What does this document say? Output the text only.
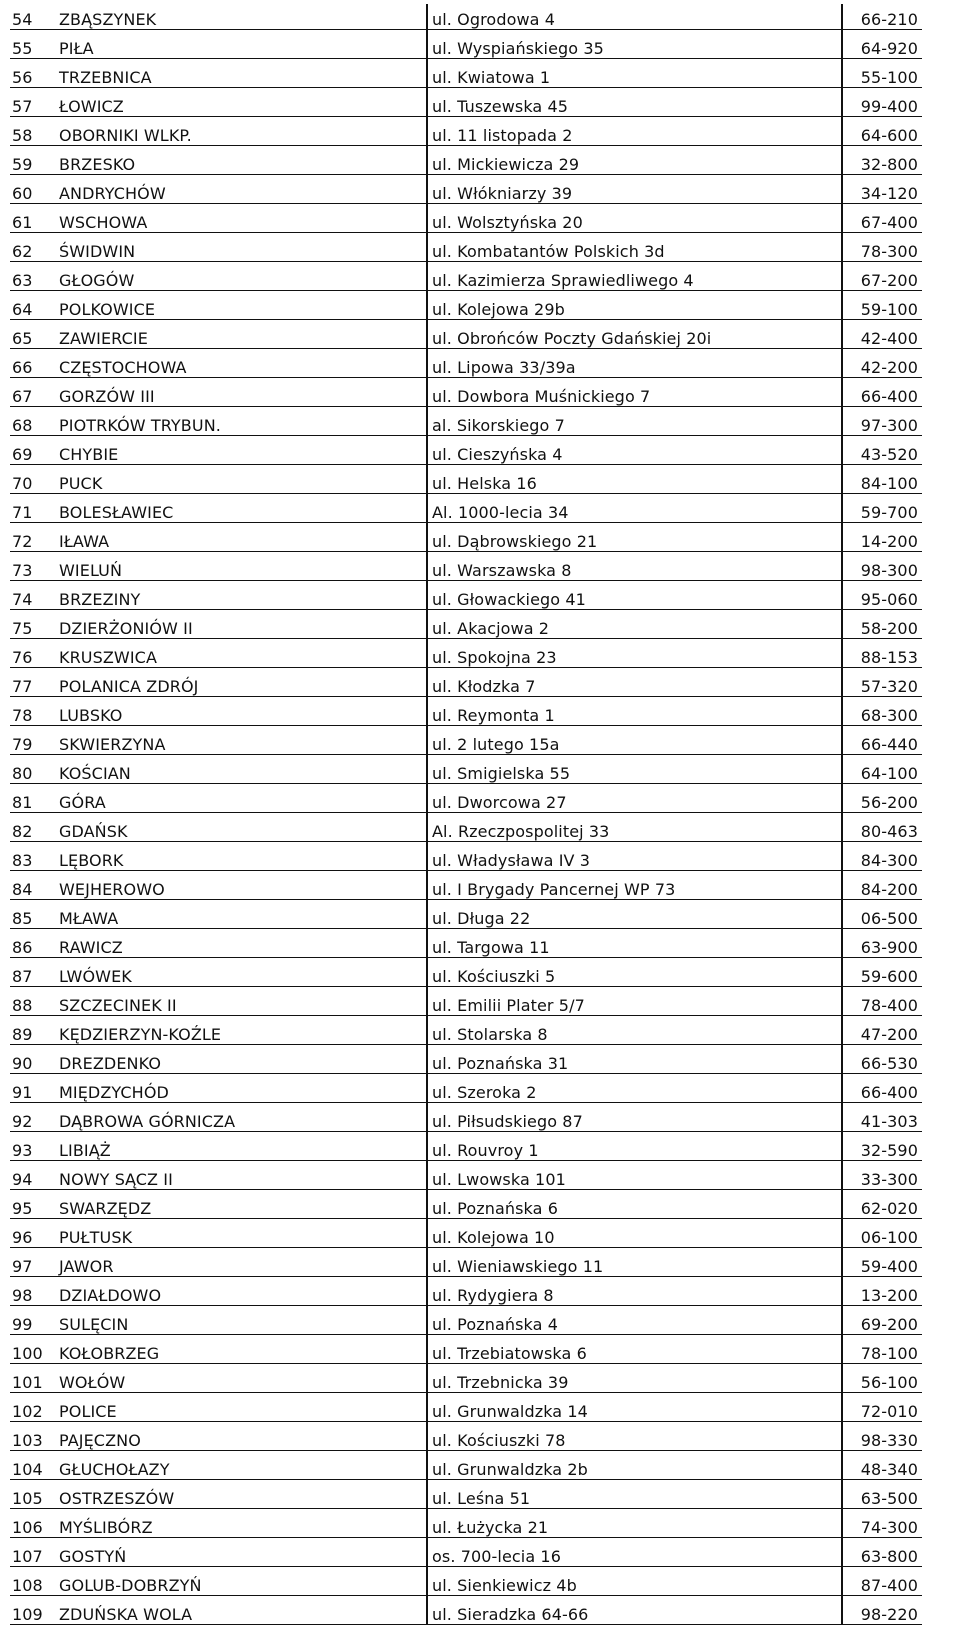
54	ZBĄSZYNEK	ul. Ogrodowa 4	66-210
55	PIŁA	ul. Wyspiańskiego 35	64-920
56	TRZEBNICA	ul. Kwiatowa 1	55-100
57	ŁOWICZ	ul. Tuszewska 45	99-400
58	OBORNIKI WLKP.	ul. 11 listopada 2	64-600
59	BRZESKO	ul. Mickiewicza 29	32-800
60	ANDRYCHÓW	ul. Włókniarzy 39	34-120
61	WSCHOWA	ul. Wolsztyńska 20	67-400
62	ŚWIDWIN	ul. Kombatantów Polskich 3d	78-300
63	GŁOGÓW	ul. Kazimierza Sprawiedliwego 4	67-200
64	POLKOWICE	ul. Kolejowa 29b	59-100
65	ZAWIERCIE	ul. Obrońców Poczty Gdańskiej 20i	42-400
66	CZĘSTOCHOWA	ul. Lipowa 33/39a	42-200
67	GORZÓW III	ul. Dowbora Muśnickiego 7	66-400
68	PIOTRKÓW TRYBUN.	al. Sikorskiego 7	97-300
69	CHYBIE	ul. Cieszyńska 4	43-520
70	PUCK	ul. Helska 16	84-100
71	BOLESŁAWIEC	Al. 1000-lecia 34	59-700
72	IŁAWA	ul. Dąbrowskiego 21	14-200
73	WIELUŃ	ul. Warszawska 8	98-300
74	BRZEZINY	ul. Głowackiego 41	95-060
75	DZIERŻONIÓW II	ul. Akacjowa 2	58-200
76	KRUSZWICA	ul. Spokojna 23	88-153
77	POLANICA ZDRÓJ	ul. Kłodzka 7	57-320
78	LUBSKO	ul. Reymonta 1	68-300
79	SKWIERZYNA	ul. 2 lutego 15a	66-440
80	KOŚCIAN	ul. Smigielska 55	64-100
81	GÓRA	ul. Dworcowa 27	56-200
82	GDAŃSK	Al. Rzeczpospolitej 33	80-463
83	LĘBORK	ul. Władysława IV 3	84-300
84	WEJHEROWO	ul. I Brygady Pancernej WP 73	84-200
85	MŁAWA	ul. Długa 22	06-500
86	RAWICZ	ul. Targowa 11	63-900
87	LWÓWEK	ul. Kościuszki 5	59-600
88	SZCZECINEK II	ul. Emilii Plater 5/7	78-400
89	KĘDZIERZYN-KOŹLE	ul. Stolarska 8	47-200
90	DREZDENKO	ul. Poznańska 31	66-530
91	MIĘDZYCHÓD	ul. Szeroka 2	66-400
92	DĄBROWA GÓRNICZA	ul. Piłsudskiego 87	41-303
93	LIBIĄŻ	ul. Rouvroy 1	32-590
94	NOWY SĄCZ II	ul. Lwowska 101	33-300
95	SWARZĘDZ	ul. Poznańska 6	62-020
96	PUŁTUSK	ul. Kolejowa 10	06-100
97	JAWOR	ul. Wieniawskiego 11	59-400
98	DZIAŁDOWO	ul. Rydygiera 8	13-200
99	SULĘCIN	ul. Poznańska 4	69-200
100	KOŁOBRZEG	ul. Trzebiatowska 6	78-100
101	WOŁÓW	ul. Trzebnicka 39	56-100
102	POLICE	ul. Grunwaldzka 14	72-010
103	PAJĘCZNO	ul. Kościuszki 78	98-330
104	GŁUCHOŁAZY	ul. Grunwaldzka 2b	48-340
105	OSTRZESZÓW	ul. Leśna 51	63-500
106	MYŚLIBÓRZ	ul. Łużycka 21	74-300
107	GOSTYŃ	os. 700-lecia 16	63-800
108	GOLUB-DOBRZYŃ	ul. Sienkiewicz 4b	87-400
109	ZDUŃSKA WOLA	ul. Sieradzka 64-66	98-220
